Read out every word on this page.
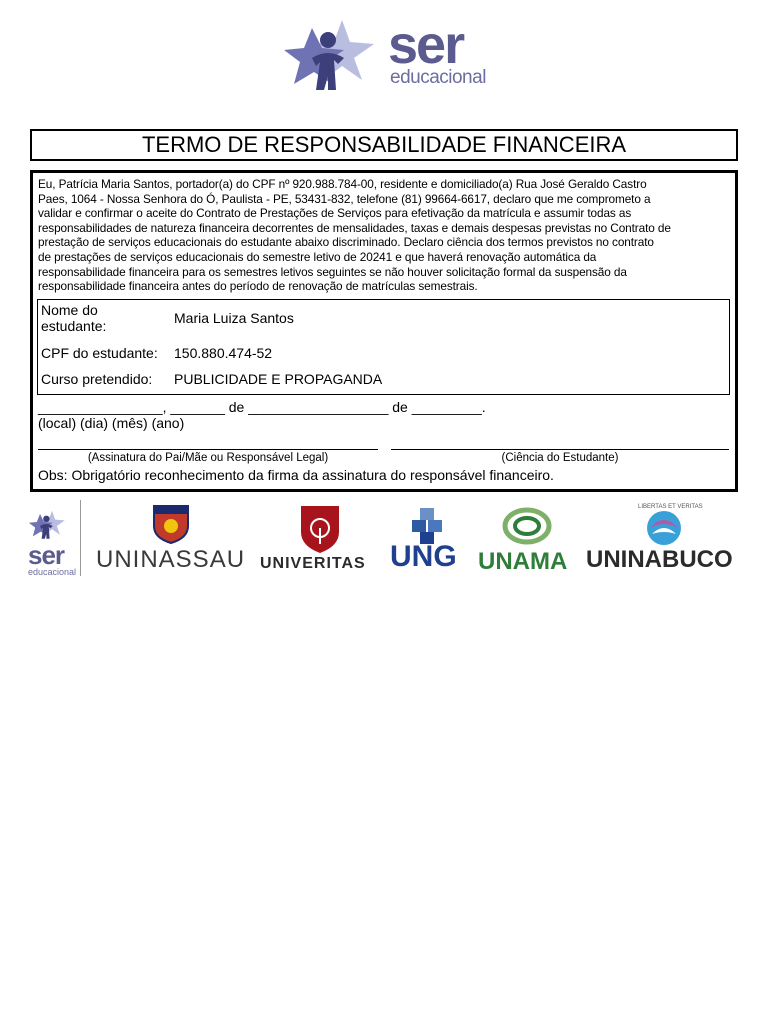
ser
educacional
TERMO DE RESPONSABILIDADE FINANCEIRA
Eu, Patrícia Maria Santos, portador(a) do CPF nº 920.988.784-00, residente e domiciliado(a) Rua José Geraldo Castro
Paes, 1064 - Nossa Senhora do Ó, Paulista - PE, 53431-832, telefone (81) 99664-6617, declaro que me comprometo a
validar e confirmar o aceite do Contrato de Prestações de Serviços para efetivação da matrícula e assumir todas as
responsabilidades de natureza financeira decorrentes de mensalidades, taxas e demais despesas previstas no Contrato de
prestação de serviços educacionais do estudante abaixo discriminado. Declaro ciência dos termos previstos no contrato
de prestações de serviços educacionais do semestre letivo de 20241 e que haverá renovação automática da
responsabilidade financeira para os semestres letivos seguintes se não houver solicitação formal da suspensão da
responsabilidade financeira antes do período de renovação de matrículas semestrais.
Nome do
estudante:	Maria Luiza Santos
CPF do estudante: 150.880.474-52
Curso pretendido: PUBLICIDADE E PROPAGANDA
________________, _______ de __________________ de _________.
(local) (dia) (mês) (ano)
(Assinatura do Pai/Mãe ou Responsável Legal)	(Ciência do Estudante)
Obs: Obrigatório reconhecimento da firma da assinatura do responsável financeiro.
ser
educacional UNINASSAU UNIVERITAS UNG UNAMA
LIBERTAS ET VERITAS
UNINABUCO
